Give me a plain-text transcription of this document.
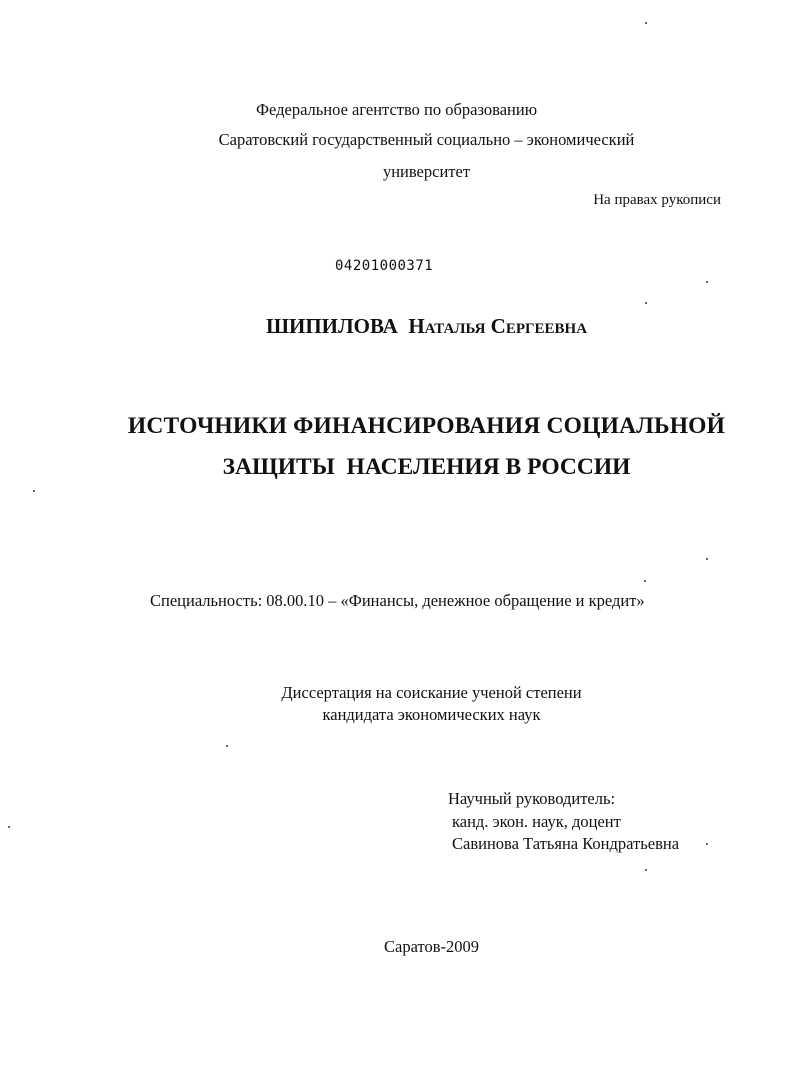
Федеральное агентство по образованию
Саратовский государственный социально – экономический
университет
На правах рукописи
04201000371
ШИПИЛОВА Наталья Сергеевна
ИСТОЧНИКИ ФИНАНСИРОВАНИЯ СОЦИАЛЬНОЙ
ЗАЩИТЫ  НАСЕЛЕНИЯ В РОССИИ
Специальность: 08.00.10 – «Финансы, денежное обращение и кредит»
Диссертация на соискание ученой степени
кандидата экономических наук
Научный руководитель:
канд. экон. наук, доцент
Савинова Татьяна Кондратьевна
Саратов-2009
